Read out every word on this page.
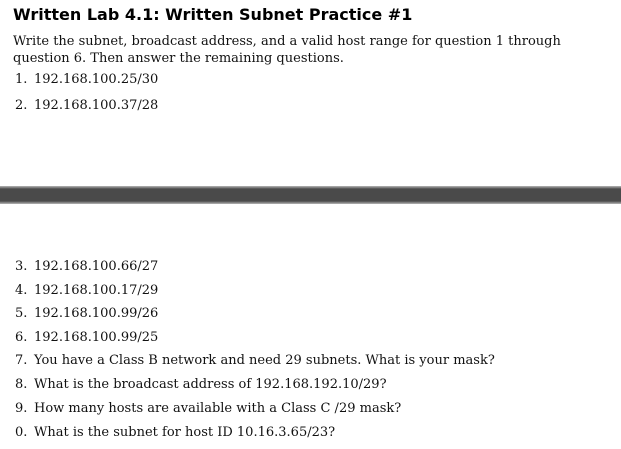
Written Lab 4.1: Written Subnet Practice #1
Write the subnet, broadcast address, and a valid host range for question 1 through question 6. Then answer the remaining questions.
1. 192.168.100.25/30
2. 192.168.100.37/28
3. 192.168.100.66/27
4. 192.168.100.17/29
5. 192.168.100.99/26
6. 192.168.100.99/25
7. You have a Class B network and need 29 subnets. What is your mask?
8. What is the broadcast address of 192.168.192.10/29?
9. How many hosts are available with a Class C /29 mask?
0. What is the subnet for host ID 10.16.3.65/23?
